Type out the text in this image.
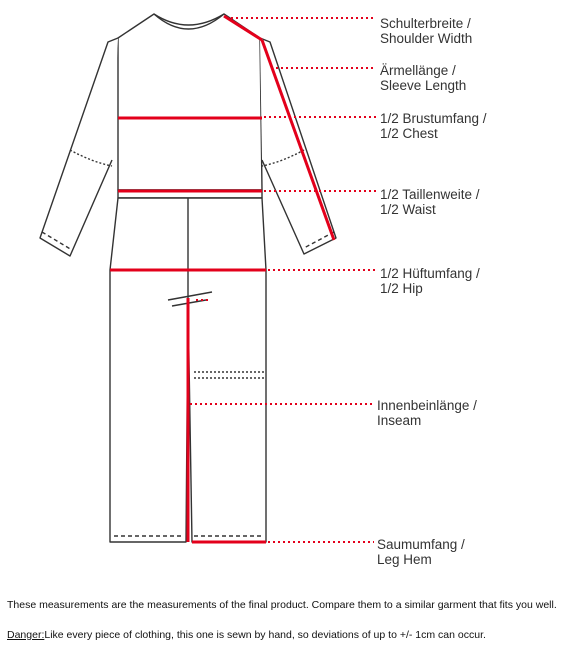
Schulterbreite /
Shoulder Width
Ärmellänge /
Sleeve Length
1/2 Brustumfang /
1/2 Chest
1/2 Taillenweite /
1/2 Waist
1/2 Hüftumfang /
1/2 Hip
Innenbeinlänge /
Inseam
Saumumfang /
Leg Hem
These measurements are the measurements of the final product. Compare them to a similar garment that fits you well.
Danger:Like every piece of clothing, this one is sewn by hand, so deviations of up to +/- 1cm can occur.
